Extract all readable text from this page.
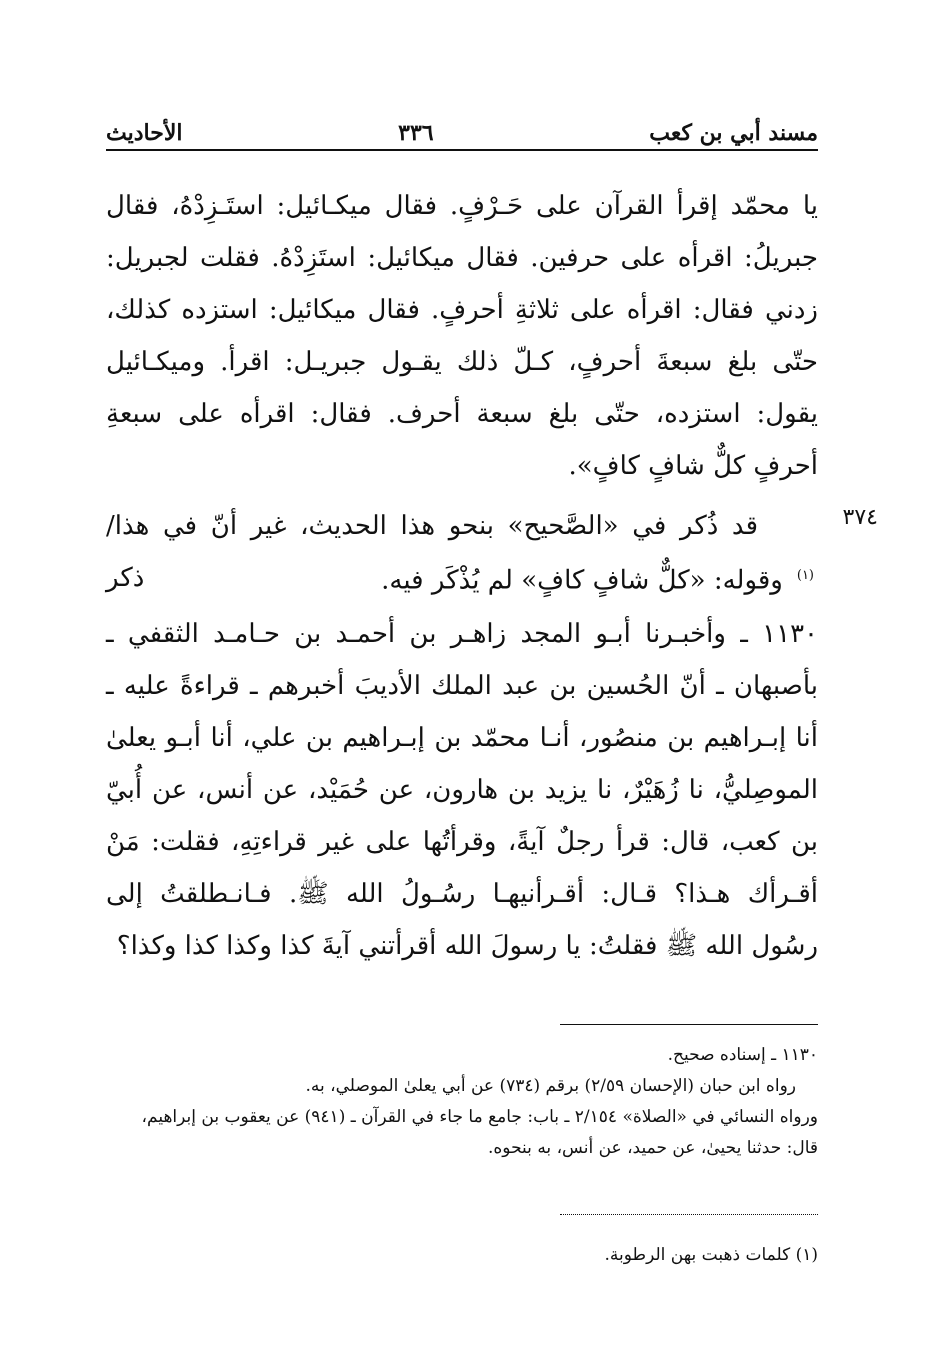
مسند أبي بن كعب
٣٣٦
الأحاديث

يا محمّد إقرأ القرآن على حَـرْفٍ. فقال ميكـائيل: استَـزِدْهُ، فقال جبريلُ: اقرأه على حرفين. فقال ميكائيل: استَزِدْهُ. فقلت لجبريل: زدني فقال: اقرأه على ثلاثةِ أحرفٍ. فقال ميكائيل: استزده كذلك، حتّى بلغ سبعةَ أحرفٍ، كـلّ ذلك يقـول جبريـل: اقرأ. وميكـائيل يقول: استزده، حتّى بلغ سبعة أحرف. فقال: اقرأه على سبعةِ أحرفٍ كلٌّ شافٍ كافٍ».

٣٧٤
قد ذُكر في «الصَّحيح» بنحو هذا الحديث، غير أنّ في هذا/
$^{(١)}$وقوله: «كلٌّ شافٍ كافٍ» لم يُذْكَر فيه.
ذكر

١١٣٠ ـ وأخبـرنا أبـو المجد زاهـر بن أحمـد بن حـامـد الثقفي ـ بأصبهان ـ أنّ الحُسين بن عبد الملك الأديبَ أخبرهم ـ قراءةً عليه ـ أنا إبـراهيم بن منصُور، أنـا محمّد بن إبـراهيم بن علي، أنا أبـو يعلىٰ الموصِليُّ، نا زُهَيْرٌ، نا يزيد بن هارون، عن حُمَيْد، عن أنس، عن أُبيّ بن كعب، قال: قرأ رجلٌ آيةً، وقرأتُها على غير قراءتِهِ، فقلت: مَنْ أقـرأك هـذا؟ قـال: أقـرأنيهـا رسُـولُ الله ﷺ. فـانـطلقتُ إلى رسُول الله ﷺ فقلتُ: يا رسولَ الله أقرأتني آيةَ كذا وكذا كذا وكذا؟

١١٣٠ ـ إسناده صحيح.

رواه ابن حبان (الإحسان ٢/٥٩) برقم (٧٣٤) عن أبي يعلىٰ الموصلي، به.

ورواه النسائي في «الصلاة» ٢/١٥٤ ـ باب: جامع ما جاء في القرآن ـ (٩٤١) عن يعقوب بن إبراهيم، قال: حدثنا يحيىٰ، عن حميد، عن أنس، به بنحوه.

(١) كلمات ذهبت بهن الرطوبة.
